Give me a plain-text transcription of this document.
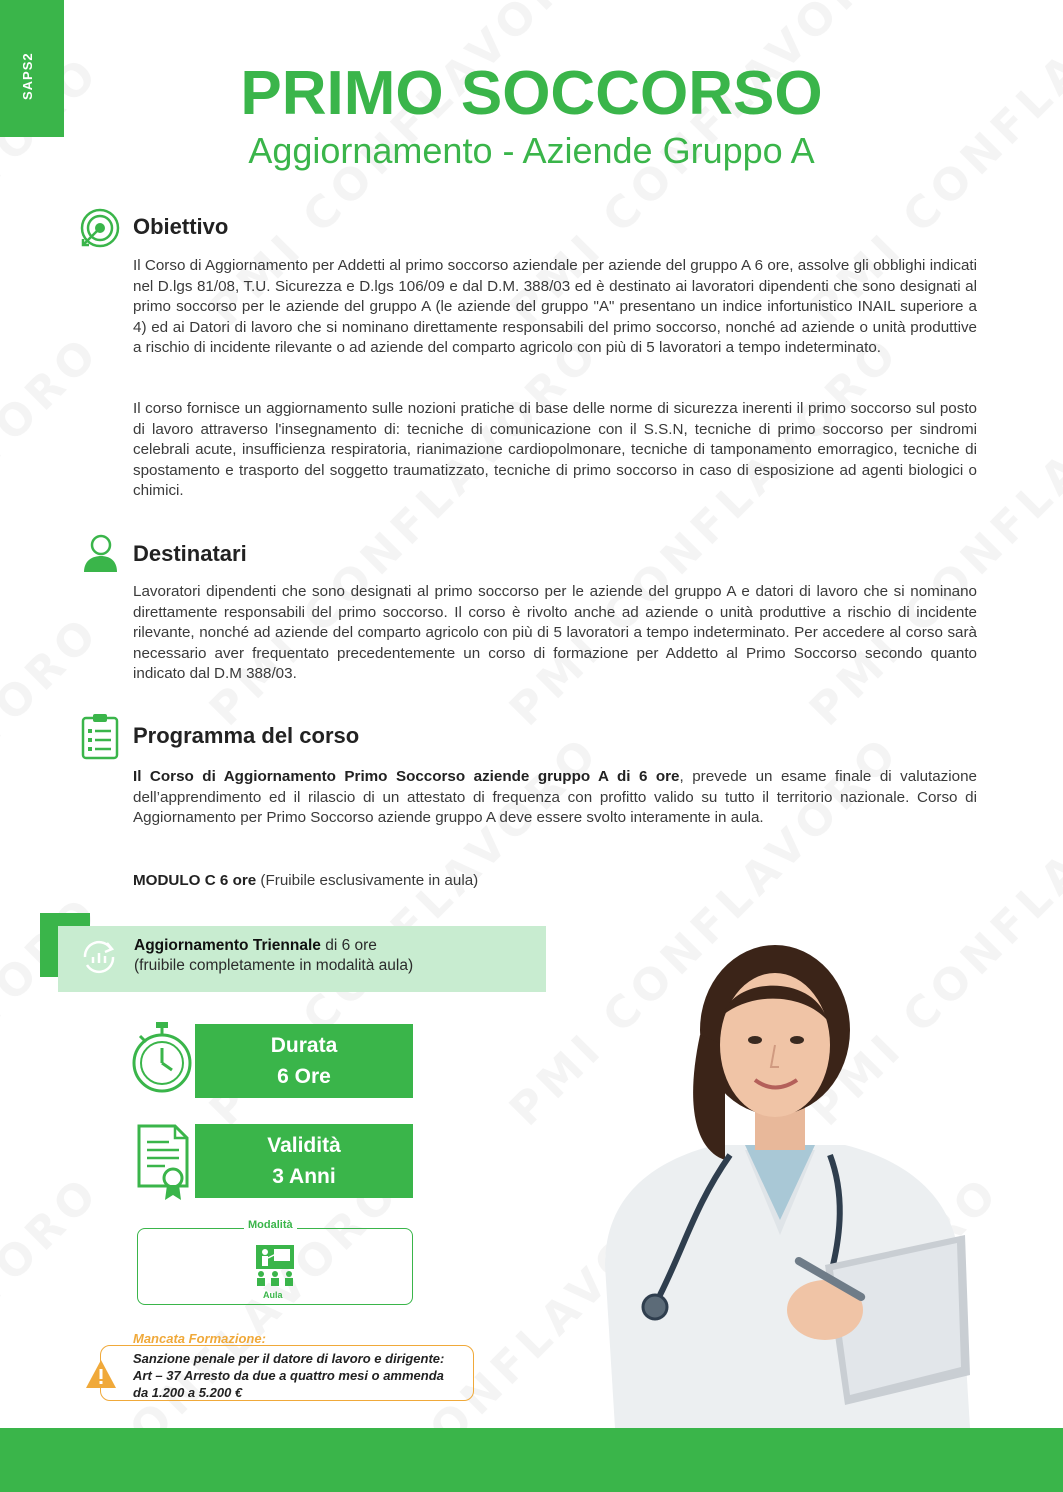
SAPS2	PRIMO SOCCORSO
Aggiornamento - Aziende Gruppo A
Obiettivo
Il Corso di Aggiornamento per Addetti al primo soccorso aziendale per aziende del gruppo A 6 ore, assolve gli obblighi indicati nel D.lgs 81/08, T.U. Sicurezza e D.lgs 106/09 e dal D.M. 388/03 ed è destinato ai lavoratori dipendenti che sono designati al primo soccorso per le aziende del gruppo A (le aziende del gruppo "A" presentano un indice infortunistico INAIL superiore a 4) ed ai Datori di lavoro che si nominano direttamente responsabili del primo soccorso, nonché ad aziende o unità produttive a rischio di incidente rilevante o ad aziende del comparto agricolo con più di 5 lavoratori a tempo indeterminato.
Il corso fornisce un aggiornamento sulle nozioni pratiche di base delle norme di sicurezza inerenti il primo soccorso sul posto di lavoro attraverso l'insegnamento di: tecniche di comunicazione con il S.S.N, tecniche di primo soccorso per sindromi celebrali acute, insufficienza respiratoria, rianimazione cardiopolmonare, tecniche di tamponamento emorragico, tecniche di spostamento e trasporto del soggetto traumatizzato, tecniche di primo soccorso in caso di esposizione ad agenti biologici o chimici.
Destinatari
Lavoratori dipendenti che sono designati al primo soccorso per le aziende del gruppo A e datori di lavoro che si nominano direttamente responsabili del primo soccorso. Il corso è rivolto anche ad aziende o unità produttive a rischio di incidente rilevante, nonché ad aziende del comparto agricolo con più di 5 lavoratori a tempo indeterminato. Per accedere al corso sarà necessario aver frequentato precedentemente un corso di formazione per Addetto al Primo Soccorso secondo quanto indicato dal D.M 388/03.
Programma del corso
Il Corso di Aggiornamento Primo Soccorso aziende gruppo A di 6 ore, prevede un esame finale di valutazione dell’apprendimento ed il rilascio di un attestato di frequenza con profitto valido su tutto il territorio nazionale. Corso di Aggiornamento per Primo Soccorso aziende gruppo A deve essere svolto interamente in aula.
MODULO C 6 ore (Fruibile esclusivamente in aula)
Aggiornamento Triennale di 6 ore
(fruibile completamente in modalità aula)
Durata
6 Ore
Validità
3 Anni
Modalità
Aula
Mancata Formazione:
Sanzione penale per il datore di lavoro e dirigente:
Art – 37 Arresto da due a quattro mesi o ammenda
da 1.200 a 5.200 €
